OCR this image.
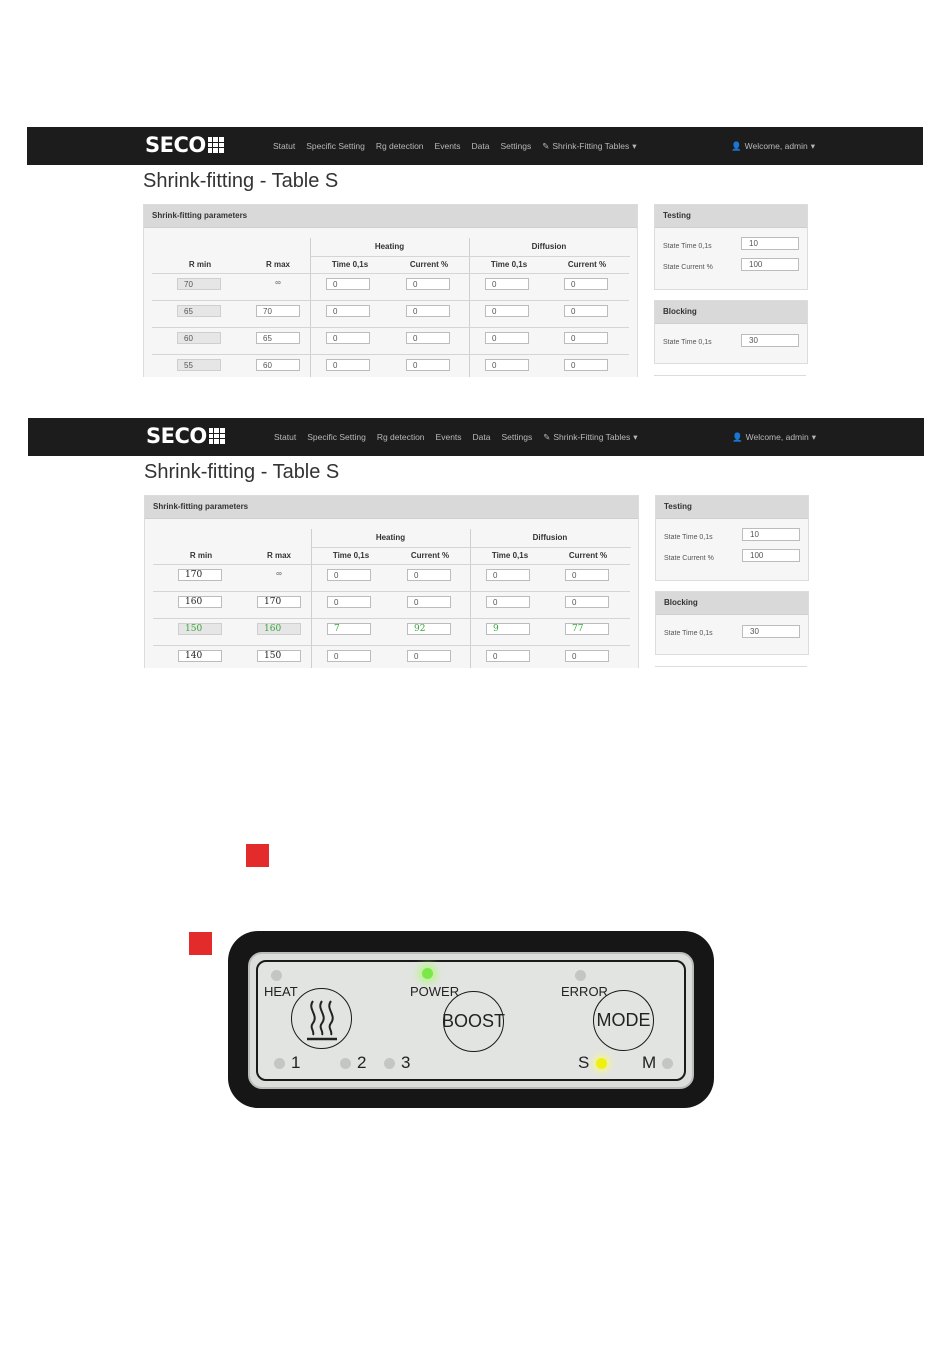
SECO	Statut Specific Setting Rg detection Events Data Settings ✎ Shrink-Fitting Tables ▾	👤 Welcome, admin ▾
Shrink-fitting - Table S
Shrink-fitting parameters
Heating	Diffusion
R min	R max	Time 0,1s	Current %	Time 0,1s	Current %
70	∞	0	0	0	0
65	70	0	0	0	0
60	65	0	0	0	0
55	60	0	0	0	0
Testing
State Time 0,1s	10
State Current %	100
Blocking
State Time 0,1s	30
SECO	Statut Specific Setting Rg detection Events Data Settings ✎ Shrink-Fitting Tables ▾	👤 Welcome, admin ▾
Shrink-fitting - Table S
Shrink-fitting parameters
Heating	Diffusion
R min	R max	Time 0,1s	Current %	Time 0,1s	Current %
170	∞	0	0	0	0
160	170	0	0	0	0
150	160	7	92	9	77
140	150	0	0	0	0
Testing
State Time 0,1s	10
State Current %	100
Blocking
State Time 0,1s	30
HEAT	POWER	ERROR
BOOST	MODE
1	2 3	S	M
